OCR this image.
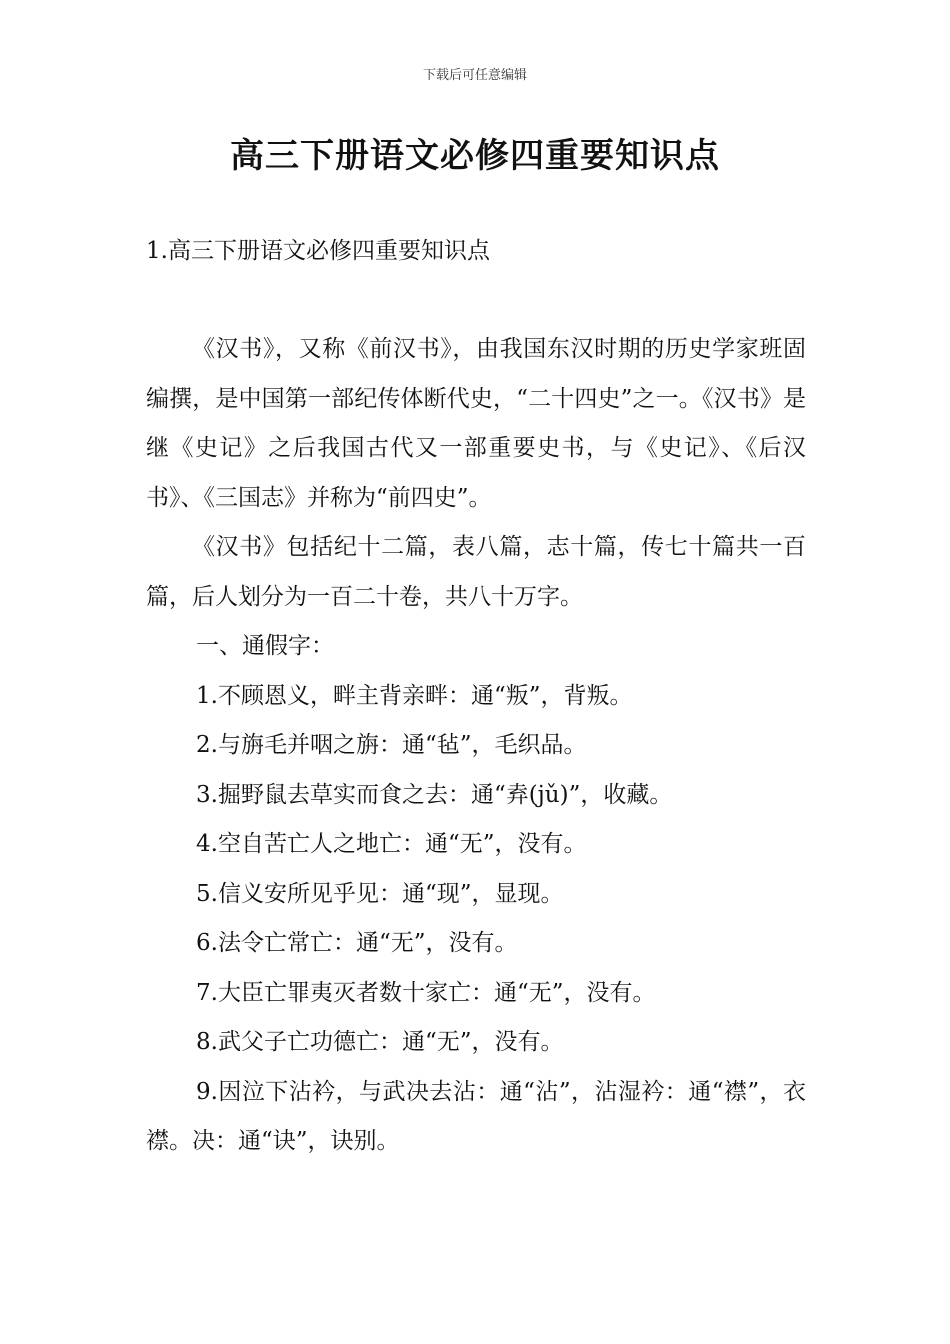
下载后可任意编辑
高三下册语文必修四重要知识点
1.高三下册语文必修四重要知识点

《汉书》，又称《前汉书》，由我国东汉时期的历史学家班固编撰，是中国第一部纪传体断代史，“二十四史”之一。《汉书》是继《史记》之后我国古代又一部重要史书，与《史记》、《后汉书》、《三国志》并称为“前四史”。

《汉书》包括纪十二篇，表八篇，志十篇，传七十篇共一百篇，后人划分为一百二十卷，共八十万字。

一、通假字：

1.不顾恩义，畔主背亲畔：通“叛”，背叛。

2.与旃毛并咽之旃：通“毡”，毛织品。

3.掘野鼠去草实而食之去：通“弆(jǔ)”，收藏。

4.空自苦亡人之地亡：通“无”，没有。

5.信义安所见乎见：通“现”，显现。

6.法令亡常亡：通“无”，没有。

7.大臣亡罪夷灭者数十家亡：通“无”，没有。

8.武父子亡功德亡：通“无”，没有。

9.因泣下沾衿，与武决去沾：通“沾”，沾湿衿：通“襟”，衣襟。决：通“诀”，诀别。
